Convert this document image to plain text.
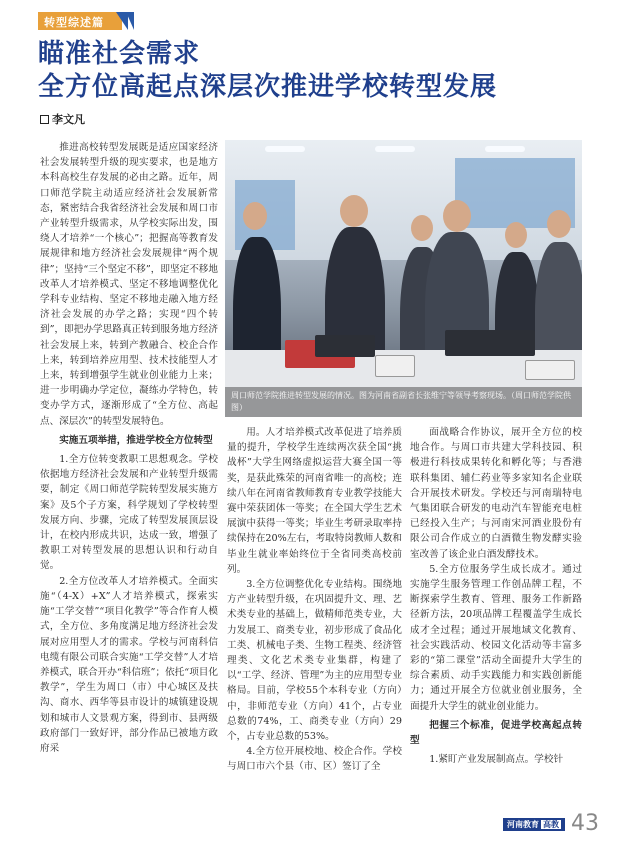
转型综述篇
瞄准社会需求
全方位高起点深层次推进学校转型发展
李文凡

推进高校转型发展既是适应国家经济社会发展转型升级的现实要求，也是地方本科高校生存发展的必由之路。近年，周口师范学院主动适应经济社会发展新常态，紧密结合我省经济社会发展和周口市产业转型升级需求，从学校实际出发，围绕人才培养“一个核心”；把握高等教育发展规律和地方经济社会发展规律“两个规律”；坚持“三个坚定不移”，即坚定不移地改革人才培养模式、坚定不移地调整优化学科专业结构、坚定不移地走融入地方经济社会发展的办学之路；实现“四个转到”，即把办学思路真正转到服务地方经济社会发展上来，转到产教融合、校企合作上来，转到培养应用型、技术技能型人才上来，转到增强学生就业创业能力上来；进一步明确办学定位，凝练办学特色，转变办学方式，逐渐形成了“全方位、高起点、深层次”的转型发展特色。

实施五项举措，推进学校全方位转型

1.全方位转变教职工思想观念。学校依据地方经济社会发展和产业转型升级需要，制定《周口师范学院转型发展实施方案》及5个子方案，科学规划了学校转型发展方向、步骤，完成了转型发展顶层设计，在校内形成共识，达成一致，增强了教职工对转型发展的思想认识和行动自觉。

2.全方位改革人才培养模式。全面实施“（4-X）+X”人才培养模式，探索实施“工学交替”“项目化教学”等合作育人模式，全方位、多角度满足地方经济社会发展对应用型人才的需求。学校与河南科信电缆有限公司联合实施“工学交替”人才培养模式，联合开办“科信班”；依托“项目化教学”，学生为周口（市）中心城区及扶沟、商水、西华等县市设计的城镇建设规划和城市人文景观方案，得到市、县两级政府部门一致好评，部分作品已被地方政府采

周口师范学院推进转型发展的情况。图为河南省副省长张维宁等领导考察现场。（周口师范学院供图）

用。人才培养模式改革促进了培养质量的提升，学校学生连续两次获全国“挑战杯”大学生网络虚拟运营大赛全国一等奖，是获此殊荣的河南省唯一的高校；连续八年在河南省教师教育专业教学技能大赛中荣获团体一等奖；在全国大学生艺术展演中获得一等奖；毕业生考研录取率持续保持在20%左右，考取特岗教师人数和毕业生就业率始终位于全省同类高校前列。

3.全方位调整优化专业结构。围绕地方产业转型升级，在巩固提升文、理、艺术类专业的基础上，做精师范类专业，大力发展工、商类专业，初步形成了食品化工类、机械电子类、生物工程类、经济管理类、文化艺术类专业集群，构建了以“工学、经济、管理”为主的应用型专业格局。目前，学校55个本科专业（方向）中，非师范专业（方向）41个，占专业总数的74%，工、商类专业（方向）29个，占专业总数的53%。

4.全方位开展校地、校企合作。学校与周口市六个县（市、区）签订了全

面战略合作协议，展开全方位的校地合作。与周口市共建大学科技园、积极进行科技成果转化和孵化等；与香港联科集团、辅仁药业等多家知名企业联合开展技术研发。学校还与河南瑞特电气集团联合研发的电动汽车智能充电桩已经投入生产；与河南宋河酒业股份有限公司合作成立的白酒微生物发酵实验室改善了该企业白酒发酵技术。

5.全方位服务学生成长成才。通过实施学生服务管理工作创品牌工程，不断探索学生教育、管理、服务工作新路径新方法，20项品牌工程覆盖学生成长成才全过程；通过开展地域文化教育、社会实践活动、校园文化活动等丰富多彩的“第二课堂”活动全面提升大学生的综合素质、动手实践能力和实践创新能力；通过开展全方位就业创业服务，全面提升大学生的就业创业能力。

把握三个标准，促进学校高起点转型

1.紧盯产业发展制高点。学校针

河南教育 高教 43
